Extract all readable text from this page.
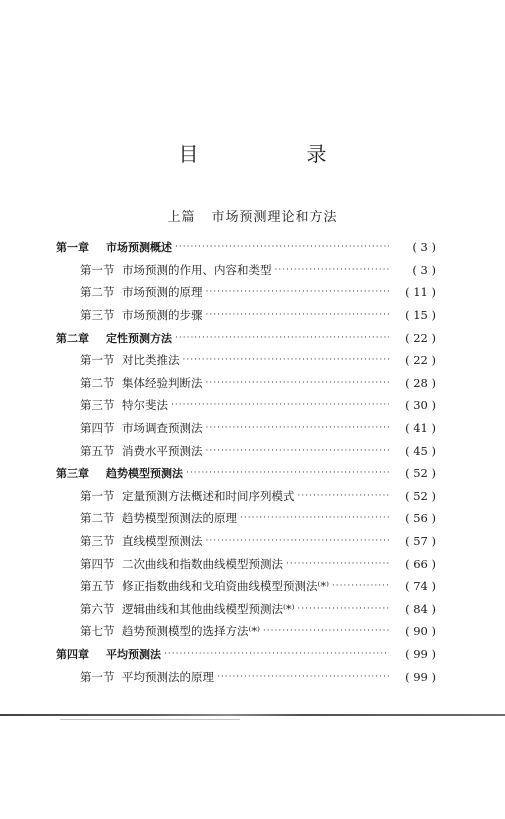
目　录
上篇 市场预测理论和方法
第一章	市场预测概述 ·····	( 3 )
第一节 市场预测的作用、内容和类型 ·····	( 3 )
第二节 市场预测的原理 ·····	( 11 )
第三节 市场预测的步骤 ·····	( 15 )
第二章	定性预测方法 ·····	( 22 )
第一节 对比类推法 ·····	( 22 )
第二节 集体经验判断法 ·····	( 28 )
第三节 特尔斐法 ·····	( 30 )
第四节 市场调查预测法 ·····	( 41 )
第五节 消费水平预测法 ·····	( 45 )
第三章	趋势模型预测法 ·····	( 52 )
第一节 定量预测方法概述和时间序列模式 ·····	( 52 )
第二节 趋势模型预测法的原理 ·····	( 56 )
第三节 直线模型预测法 ·····	( 57 )
第四节 二次曲线和指数曲线模型预测法 ·····	( 66 )
第五节 修正指数曲线和戈珀资曲线模型预测法⁽*⁾ ·····	( 74 )
第六节 逻辑曲线和其他曲线模型预测法⁽*⁾ ·····	( 84 )
第七节 趋势预测模型的选择方法⁽*⁾ ·····	( 90 )
第四章	平均预测法 ·····	( 99 )
第一节 平均预测法的原理 ·····	( 99 )
